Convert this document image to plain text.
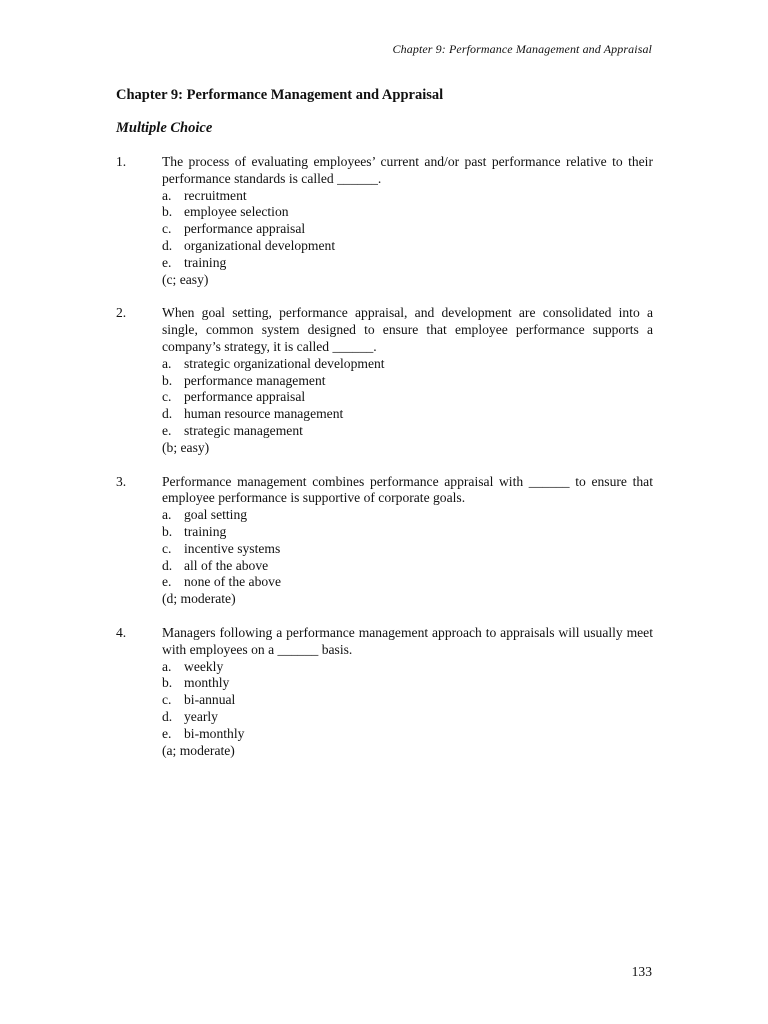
Chapter 9: Performance Management and Appraisal
Chapter 9: Performance Management and Appraisal
Multiple Choice
1.	The process of evaluating employees’ current and/or past performance relative to their performance standards is called ______.
a. recruitment
b. employee selection
c. performance appraisal
d. organizational development
e. training
(c; easy)
2.	When goal setting, performance appraisal, and development are consolidated into a single, common system designed to ensure that employee performance supports a company’s strategy, it is called ______.
a. strategic organizational development
b. performance management
c. performance appraisal
d. human resource management
e. strategic management
(b; easy)
3.	Performance management combines performance appraisal with ______ to ensure that employee performance is supportive of corporate goals.
a. goal setting
b. training
c. incentive systems
d. all of the above
e. none of the above
(d; moderate)
4.	Managers following a performance management approach to appraisals will usually meet with employees on a ______ basis.
a. weekly
b. monthly
c. bi-annual
d. yearly
e. bi-monthly
(a; moderate)
133
